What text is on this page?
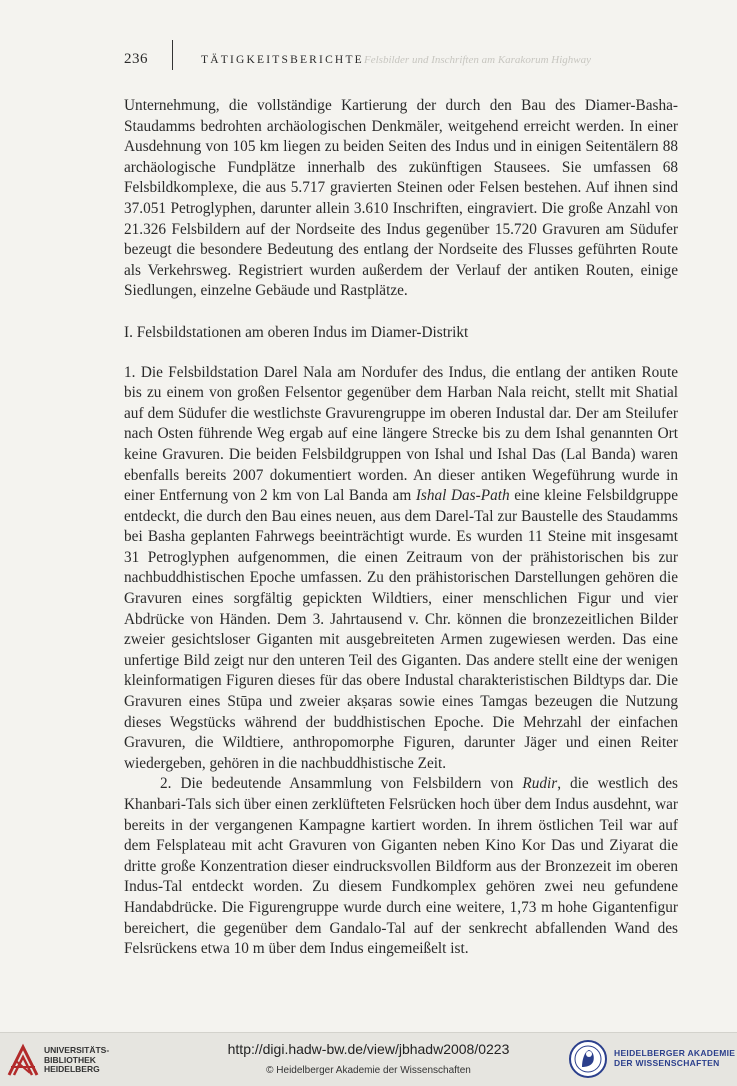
236	TÄTIGKEITSBERICHTE Felsbilder und Inschriften am Karakorum Highway

Unternehmung, die vollständige Kartierung der durch den Bau des Diamer-Basha-Staudamms bedrohten archäologischen Denkmäler, weitgehend erreicht werden. In einer Ausdehnung von 105 km liegen zu beiden Seiten des Indus und in einigen Seitentälern 88 archäologische Fundplätze innerhalb des zukünftigen Stausees. Sie umfassen 68 Felsbildkomplexe, die aus 5.717 gravierten Steinen oder Felsen bestehen. Auf ihnen sind 37.051 Petroglyphen, darunter allein 3.610 Inschriften, eingraviert. Die große Anzahl von 21.326 Felsbildern auf der Nordseite des Indus gegenüber 15.720 Gravuren am Südufer bezeugt die besondere Bedeutung des entlang der Nordseite des Flusses geführten Route als Verkehrsweg. Registriert wurden außerdem der Verlauf der antiken Routen, einige Siedlungen, einzelne Gebäude und Rastplätze.

I. Felsbildstationen am oberen Indus im Diamer-Distrikt

1. Die Felsbildstation Darel Nala am Nordufer des Indus, die entlang der antiken Route bis zu einem von großen Felsentor gegenüber dem Harban Nala reicht, stellt mit Shatial auf dem Südufer die westlichste Gravurengruppe im oberen Industal dar. Der am Steilufer nach Osten führende Weg ergab auf eine längere Strecke bis zu dem Ishal genannten Ort keine Gravuren. Die beiden Felsbildgruppen von Ishal und Ishal Das (Lal Banda) waren ebenfalls bereits 2007 dokumentiert worden. An dieser antiken Wegeführung wurde in einer Entfernung von 2 km von Lal Banda am Ishal Das-Path eine kleine Felsbildgruppe entdeckt, die durch den Bau eines neuen, aus dem Darel-Tal zur Baustelle des Staudamms bei Basha geplanten Fahrwegs beeinträchtigt wurde. Es wurden 11 Steine mit insgesamt 31 Petroglyphen aufgenommen, die einen Zeitraum von der prähistorischen bis zur nachbuddhistischen Epoche umfassen. Zu den prähistorischen Darstellungen gehören die Gravuren eines sorgfältig gepickten Wildtiers, einer menschlichen Figur und vier Abdrücke von Händen. Dem 3. Jahrtausend v. Chr. können die bronzezeitlichen Bilder zweier gesichtsloser Giganten mit ausgebreiteten Armen zugewiesen werden. Das eine unfertige Bild zeigt nur den unteren Teil des Giganten. Das andere stellt eine der wenigen kleinformatigen Figuren dieses für das obere Industal charakteristischen Bildtyps dar. Die Gravuren eines Stūpa und zweier akṣaras sowie eines Tamgas bezeugen die Nutzung dieses Wegstücks während der buddhistischen Epoche. Die Mehrzahl der einfachen Gravuren, die Wildtiere, anthropomorphe Figuren, darunter Jäger und einen Reiter wiedergeben, gehören in die nachbuddhistische Zeit.

2. Die bedeutende Ansammlung von Felsbildern von Rudir, die westlich des Khanbari-Tals sich über einen zerklüfteten Felsrücken hoch über dem Indus ausdehnt, war bereits in der vergangenen Kampagne kartiert worden. In ihrem östlichen Teil war auf dem Felsplateau mit acht Gravuren von Giganten neben Kino Kor Das und Ziyarat die dritte große Konzentration dieser eindrucksvollen Bildform aus der Bronzezeit im oberen Indus-Tal entdeckt worden. Zu diesem Fundkomplex gehören zwei neu gefundene Handabdrücke. Die Figurengruppe wurde durch eine weitere, 1,73 m hohe Gigantenfigur bereichert, die gegenüber dem Gandalo-Tal auf der senkrecht abfallenden Wand des Felsrückens etwa 10 m über dem Indus eingemeißelt ist.

UNIVERSITÄTS-
BIBLIOTHEK
HEIDELBERG
http://digi.hadw-bw.de/view/jbhadw2008/0223
© Heidelberger Akademie der Wissenschaften
HEIDELBERGER AKADEMIE
DER WISSENSCHAFTEN
